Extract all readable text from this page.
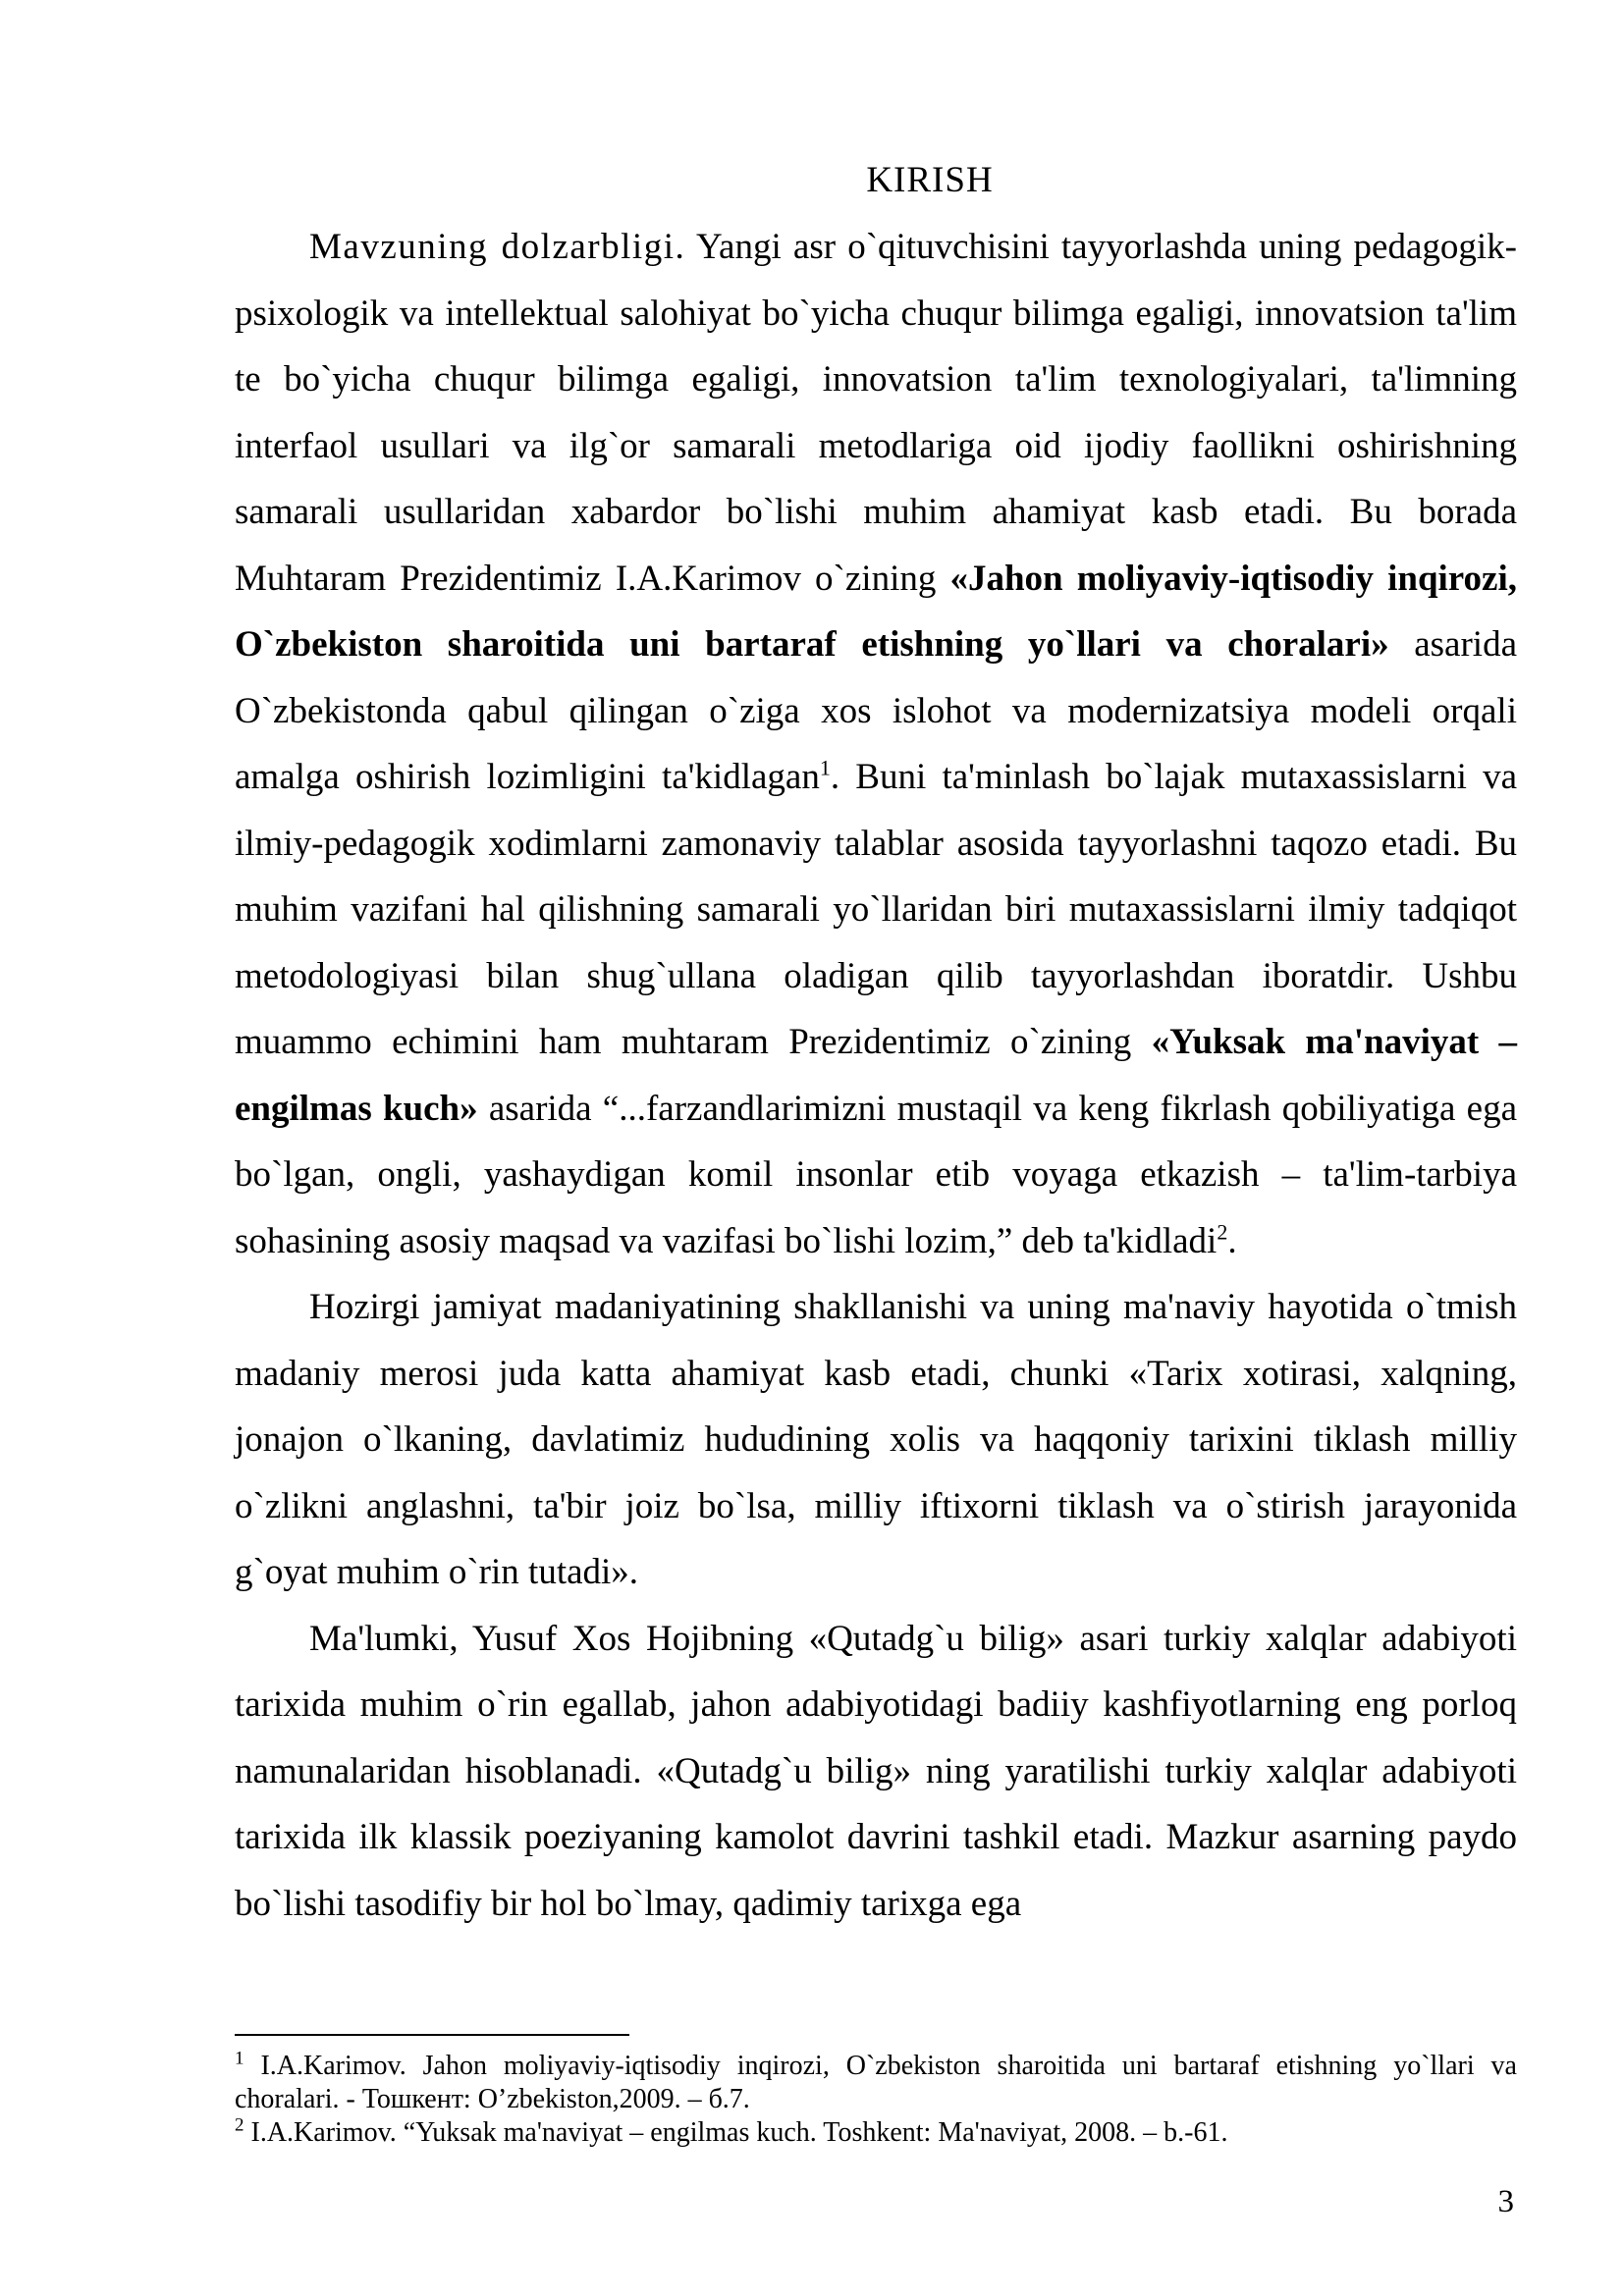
KIRISH

Mavzuning dolzarbligi. Yangi asr o`qituvchisini tayyorlashda uning pedagogik-psixologik va intellektual salohiyat bo`yicha chuqur bilimga egaligi, innovatsion ta'lim te bo`yicha chuqur bilimga egaligi, innovatsion ta'lim texnologiyalari, ta'limning interfaol usullari va ilg`or samarali metodlariga oid ijodiy faollikni oshirishning samarali usullaridan xabardor bo`lishi muhim ahamiyat kasb etadi. Bu borada Muhtaram Prezidentimiz I.A.Karimov o`zining «Jahon moliyaviy-iqtisodiy inqirozi, O`zbekiston sharoitida uni bartaraf etishning yo`llari va choralari» asarida O`zbekistonda qabul qilingan o`ziga xos islohot va modernizatsiya modeli orqali amalga oshirish lozimligini ta'kidlagan$^1$. Buni ta'minlash bo`lajak mutaxassislarni va ilmiy-pedagogik xodimlarni zamonaviy talablar asosida tayyorlashni taqozo etadi. Bu muhim vazifani hal qilishning samarali yo`llaridan biri mutaxassislarni ilmiy tadqiqot metodologiyasi bilan shug`ullana oladigan qilib tayyorlashdan iboratdir. Ushbu muammo echimini ham muhtaram Prezidentimiz o`zining «Yuksak ma'naviyat – engilmas kuch» asarida “...farzandlarimizni mustaqil va keng fikrlash qobiliyatiga ega bo`lgan, ongli, yashaydigan komil insonlar etib voyaga etkazish – ta'lim-tarbiya sohasining asosiy maqsad va vazifasi bo`lishi lozim,” deb ta'kidladi$^2$.

Hozirgi jamiyat madaniyatining shakllanishi va uning ma'naviy hayotida o`tmish madaniy merosi juda katta ahamiyat kasb etadi, chunki «Tarix xotirasi, xalqning, jonajon o`lkaning, davlatimiz hududining xolis va haqqoniy tarixini tiklash milliy o`zlikni anglashni, ta'bir joiz bo`lsa, milliy iftixorni tiklash va o`stirish jarayonida g`oyat muhim o`rin tutadi».

Ma'lumki, Yusuf Xos Hojibning «Qutadg`u bilig» asari turkiy xalqlar adabiyoti tarixida muhim o`rin egallab, jahon adabiyotidagi badiiy kashfiyotlarning eng porloq namunalaridan hisoblanadi. «Qutadg`u bilig» ning yaratilishi turkiy xalqlar adabiyoti tarixida ilk klassik poeziyaning kamolot davrini tashkil etadi. Mazkur asarning paydo bo`lishi tasodifiy bir hol bo`lmay, qadimiy tarixga ega

$^1$ I.A.Karimov. Jahon moliyaviy-iqtisodiy inqirozi, O`zbekiston sharoitida uni bartaraf etishning yo`llari va choralari. - Тошкент: O’zbekiston,2009. – б.7.

$^2$ I.A.Karimov. “Yuksak ma'naviyat – engilmas kuch. Toshkent: Ma'naviyat, 2008. – b.-61.

3
